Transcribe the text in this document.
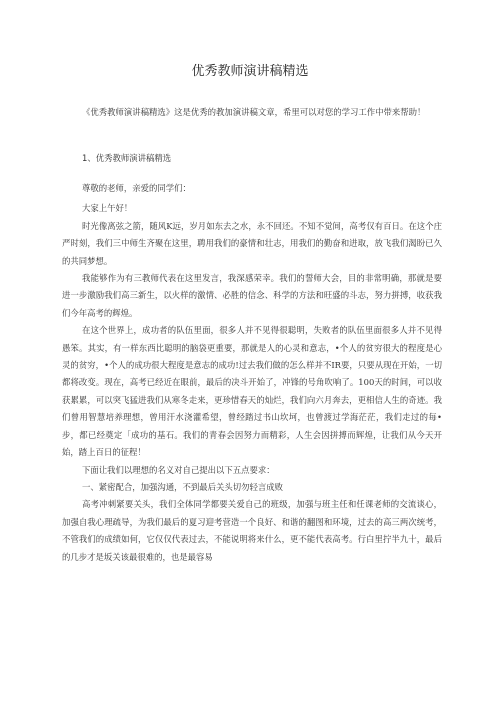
优秀教师演讲稿精选
《优秀教师演讲稿精选》这是优秀的教加演讲稿文章，希里可以对您的学习工作中带来帮助！
1、优秀教师演讲稿精选

尊敬的老师，亲爱的同学们：

大家上午好！

时光像离弦之箭，随风K远，岁月如东去之水，永不回还。不知不觉间，高考仅有百日。在这个庄严时刻，我们三中师生齐聚在这里，聘用我们的豪情和壮志，用我们的勤奋和进取，放飞我们渴盼已久的共同梦想。

我能够作为有三教师代表在这里发言，我深感荣幸。我们的誓师大会，目的非常明确，那就是要进一步激励我们高三新生，以火样的激情、必胜的信念、科学的方法和旺盛的斗志，努力拼搏，收获我们今年高考的辉煌。

在这个世界上，成功者的队伍里面，很多人并不见得很聪明，失败者的队伍里面很多人并不见得愚笨。其实，有一样东西比聪明的脑袋更重要，那就是人的心灵和意志，•个人的贫穷很大的程度是心灵的贫穷，•个人的成功很大程度是意志的成功!过去我们做的怎么样并不IR要，只要从现在开始，一切都将改变。现在，高考已经近在眼前，最后的决斗开始了，冲锋的号角吹响了。100天的时间，可以收获累累，可以突飞猛进我们从寒冬走来，更珍惜春天的灿烂，我们向六月奔去，更相信人生的奇迹。我们曾用智慧培养理想，曾用汗水浇灌希望，曾经踏过书山坎坷，也曾渡过学海茫茫，我们走过的每•步，都已经奠定「成功的基石。我们的青春会因努力而精彩，人生会因拼搏而辉煌，让我们从今天开始，踏上百日的征程！

下面让我们以理想的名义对自己提出以下五点要求：

一、紧密配合，加强沟通，不到最后关头切勿轻言成败

高考冲刺紧要关头，我们全体同学都要关爱自己的班级，加强与班主任和任课老师的交流谈心，加强自我心理疏导，为我们最后的夏习迎考营造一个良好、和谐的翻图和环境，过去的高三两次统考，不管我们的成绩如何，它仅仅代表过去，不能说明将来什么，更不能代表高考。行白里拧半九十，最后的几步才是坂关该最很难的，也是最容易
